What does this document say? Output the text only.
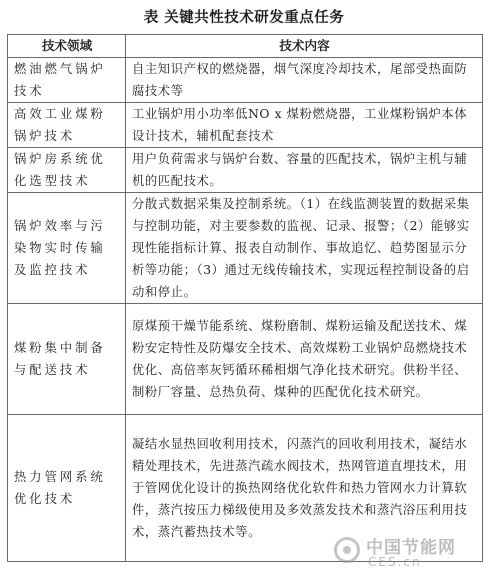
表 关键共性技术研发重点任务
技术领域	技术内容
燃油燃气锅炉技术	自主知识产权的燃烧器，烟气深度冷却技术，尾部受热面防腐技术等
高效工业煤粉锅炉技术	工业锅炉用小功率低NO x 煤粉燃烧器，工业煤粉锅炉本体设计技术，辅机配套技术
锅炉房系统优化选型技术	用户负荷需求与锅炉台数、容量的匹配技术，锅炉主机与辅机的匹配技术。
锅炉效率与污染物实时传输及监控技术	分散式数据采集及控制系统。（1）在线监测装置的数据采集与控制功能，对主要参数的监视、记录、报警；（2）能够实现性能指标计算、报表自动制作、事故追忆、趋势图显示分析等功能；（3）通过无线传输技术，实现远程控制设备的启动和停止。
煤粉集中制备与配送技术	原煤预干燥节能系统、煤粉磨制、煤粉运输及配送技术、煤粉安定特性及防爆安全技术、高效煤粉工业锅炉岛燃烧技术优化、高倍率灰钙循环稀相烟气净化技术研究。供粉半径、制粉厂容量、总热负荷、煤种的匹配优化技术研究。
热力管网系统优化技术	凝结水显热回收利用技术，闪蒸汽的回收利用技术，凝结水精处理技术，先进蒸汽疏水阀技术，热网管道直埋技术，用于管网优化设计的换热网络优化软件和热力管网水力计算软件，蒸汽按压力梯级使用及多效蒸发技术和蒸汽浴压利用技术，蒸汽蓄热技术等。
中国节能网
CES.cn
